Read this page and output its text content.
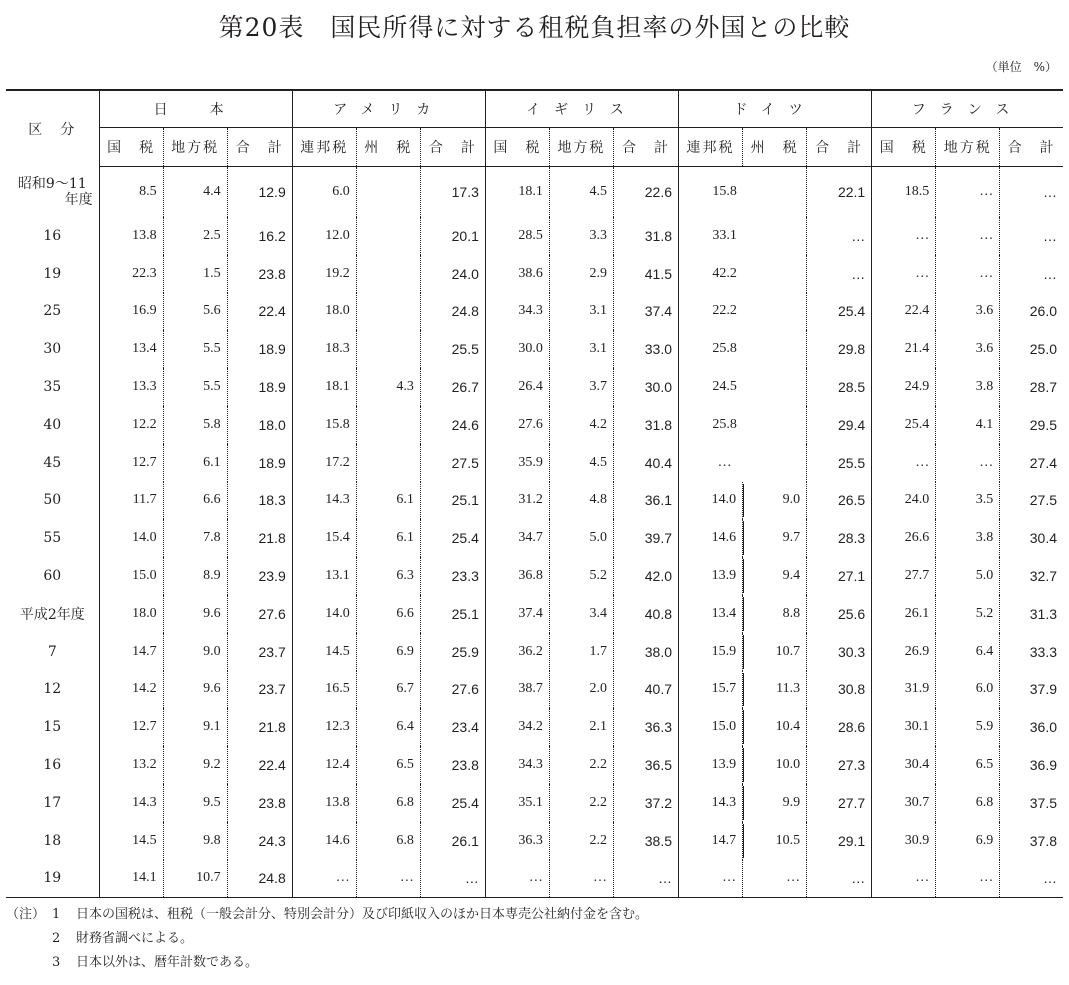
第20表　国民所得に対する租税負担率の外国との比較
（単位　%）
区　分	日　本			アメリカ			イギリス			ドイツ			フランス		
	国　税	地方税	合　計	連邦税	州　税	合　計	国　税	地方税	合　計	連邦税	州　税	合　計	国　税	地方税	合　計

昭和9～11
年度	8.5	4.4	12.9	6.0		17.3	18.1	4.5	22.6	15.8		22.1	18.5	…	…
16	13.8	2.5	16.2	12.0		20.1	28.5	3.3	31.8	33.1		…	…	…	…
19	22.3	1.5	23.8	19.2		24.0	38.6	2.9	41.5	42.2		…	…	…	…
25	16.9	5.6	22.4	18.0		24.8	34.3	3.1	37.4	22.2		25.4	22.4	3.6	26.0
30	13.4	5.5	18.9	18.3		25.5	30.0	3.1	33.0	25.8		29.8	21.4	3.6	25.0
35	13.3	5.5	18.9	18.1	4.3	26.7	26.4	3.7	30.0	24.5		28.5	24.9	3.8	28.7
40	12.2	5.8	18.0	15.8		24.6	27.6	4.2	31.8	25.8		29.4	25.4	4.1	29.5
45	12.7	6.1	18.9	17.2		27.5	35.9	4.5	40.4	…		25.5	…	…	27.4
50	11.7	6.6	18.3	14.3	6.1	25.1	31.2	4.8	36.1	14.0	9.0	26.5	24.0	3.5	27.5
55	14.0	7.8	21.8	15.4	6.1	25.4	34.7	5.0	39.7	14.6	9.7	28.3	26.6	3.8	30.4
60	15.0	8.9	23.9	13.1	6.3	23.3	36.8	5.2	42.0	13.9	9.4	27.1	27.7	5.0	32.7
平成2年度	18.0	9.6	27.6	14.0	6.6	25.1	37.4	3.4	40.8	13.4	8.8	25.6	26.1	5.2	31.3
7	14.7	9.0	23.7	14.5	6.9	25.9	36.2	1.7	38.0	15.9	10.7	30.3	26.9	6.4	33.3
12	14.2	9.6	23.7	16.5	6.7	27.6	38.7	2.0	40.7	15.7	11.3	30.8	31.9	6.0	37.9
15	12.7	9.1	21.8	12.3	6.4	23.4	34.2	2.1	36.3	15.0	10.4	28.6	30.1	5.9	36.0
16	13.2	9.2	22.4	12.4	6.5	23.8	34.3	2.2	36.5	13.9	10.0	27.3	30.4	6.5	36.9
17	14.3	9.5	23.8	13.8	6.8	25.4	35.1	2.2	37.2	14.3	9.9	27.7	30.7	6.8	37.5
18	14.5	9.8	24.3	14.6	6.8	26.1	36.3	2.2	38.5	14.7	10.5	29.1	30.9	6.9	37.8
19	14.1	10.7	24.8	…	…	…	…	…	…	…	…	…	…	…	…
（注） 1	日本の国税は、租税（一般会計分、特別会計分）及び印紙収入のほか日本専売公社納付金を含む。
2	財務省調べによる。
3	日本以外は、暦年計数である。
